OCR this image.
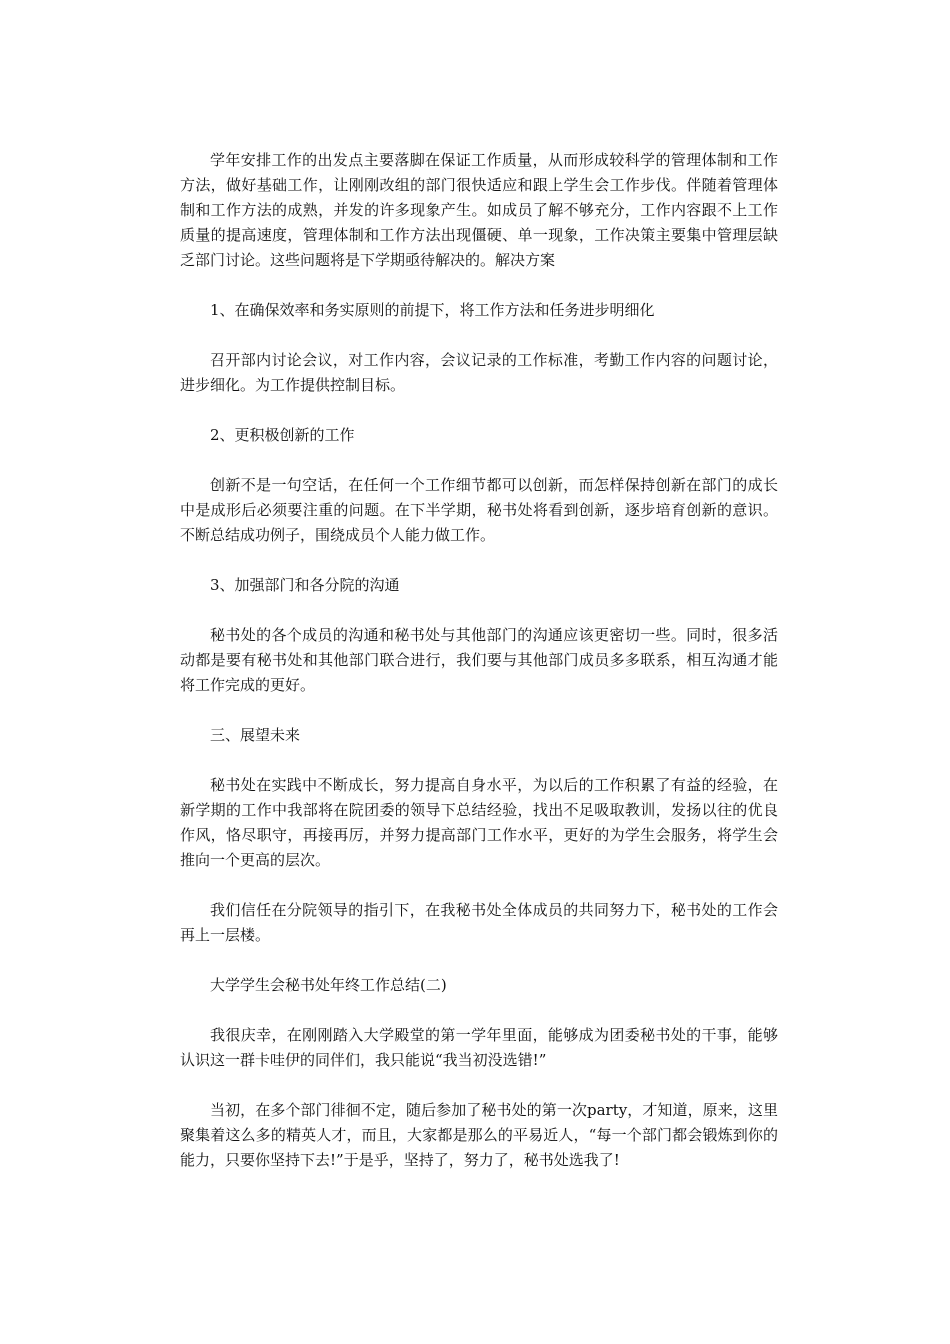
学年安排工作的出发点主要落脚在保证工作质量，从而形成较科学的管理体制和工作方法，做好基础工作，让刚刚改组的部门很快适应和跟上学生会工作步伐。伴随着管理体制和工作方法的成熟，并发的许多现象产生。如成员了解不够充分，工作内容跟不上工作质量的提高速度，管理体制和工作方法出现僵硬、单一现象，工作决策主要集中管理层缺乏部门讨论。这些问题将是下学期亟待解决的。解决方案

1、在确保效率和务实原则的前提下，将工作方法和任务进步明细化

召开部内讨论会议，对工作内容，会议记录的工作标准，考勤工作内容的问题讨论，进步细化。为工作提供控制目标。

2、更积极创新的工作

创新不是一句空话，在任何一个工作细节都可以创新，而怎样保持创新在部门的成长中是成形后必须要注重的问题。在下半学期，秘书处将看到创新，逐步培育创新的意识。不断总结成功例子，围绕成员个人能力做工作。

3、加强部门和各分院的沟通

秘书处的各个成员的沟通和秘书处与其他部门的沟通应该更密切一些。同时，很多活动都是要有秘书处和其他部门联合进行，我们要与其他部门成员多多联系，相互沟通才能将工作完成的更好。

三、展望未来

秘书处在实践中不断成长，努力提高自身水平，为以后的工作积累了有益的经验，在新学期的工作中我部将在院团委的领导下总结经验，找出不足吸取教训，发扬以往的优良作风，恪尽职守，再接再厉，并努力提高部门工作水平，更好的为学生会服务，将学生会推向一个更高的层次。

我们信任在分院领导的指引下，在我秘书处全体成员的共同努力下，秘书处的工作会再上一层楼。

大学学生会秘书处年终工作总结(二)

我很庆幸，在刚刚踏入大学殿堂的第一学年里面，能够成为团委秘书处的干事，能够认识这一群卡哇伊的同伴们，我只能说“我当初没选错!”

当初，在多个部门徘徊不定，随后参加了秘书处的第一次party，才知道，原来，这里聚集着这么多的精英人才，而且，大家都是那么的平易近人，“每一个部门都会锻炼到你的能力，只要你坚持下去!”于是乎，坚持了，努力了，秘书处选我了!
